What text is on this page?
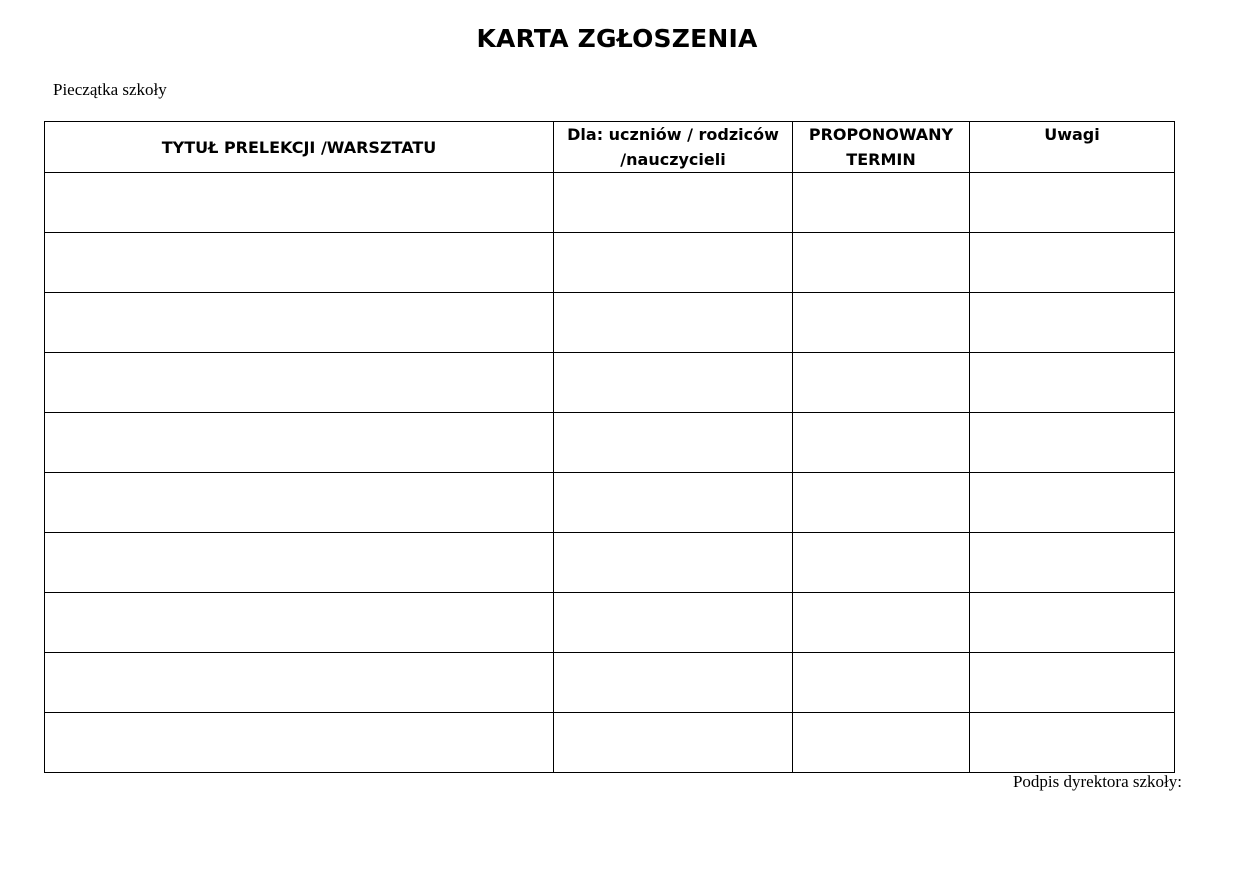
KARTA ZGŁOSZENIA
Pieczątka szkoły
TYTUŁ PRELEKCJI /WARSZTATU	Dla: uczniów / rodziców /nauczycieli	PROPONOWANY TERMIN	Uwagi

Podpis dyrektora szkoły:
